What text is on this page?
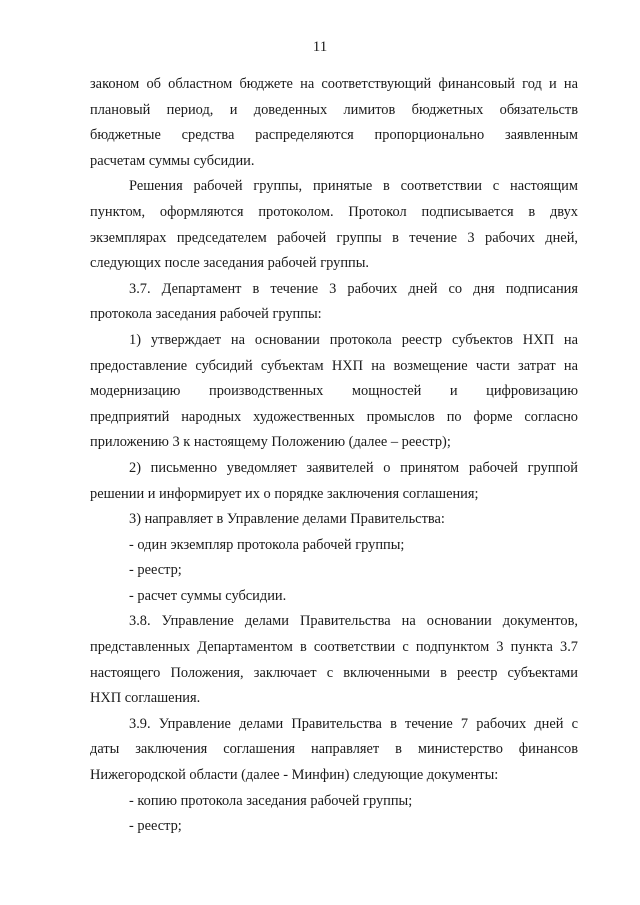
11
законом об областном бюджете на соответствующий финансовый год и на
плановый период, и доведенных лимитов бюджетных обязательств
бюджетные средства распределяются пропорционально заявленным
расчетам суммы субсидии.
Решения рабочей группы, принятые в соответствии с настоящим
пунктом, оформляются протоколом. Протокол подписывается в двух
экземплярах председателем рабочей группы в течение 3 рабочих дней,
следующих после заседания рабочей группы.
3.7. Департамент в течение 3 рабочих дней со дня подписания
протокола заседания рабочей группы:
1) утверждает на основании протокола реестр субъектов НХП на
предоставление субсидий субъектам НХП на возмещение части затрат на
модернизацию производственных мощностей и цифровизацию
предприятий народных художественных промыслов по форме согласно
приложению 3 к настоящему Положению (далее – реестр);
2) письменно уведомляет заявителей о принятом рабочей группой
решении и информирует их о порядке заключения соглашения;
3) направляет в Управление делами Правительства:
- один экземпляр протокола рабочей группы;
- реестр;
- расчет суммы субсидии.
3.8. Управление делами Правительства на основании документов,
представленных Департаментом в соответствии с подпунктом 3 пункта 3.7
настоящего Положения, заключает с включенными в реестр субъектами
НХП соглашения.
3.9. Управление делами Правительства в течение 7 рабочих дней с
даты заключения соглашения направляет в министерство финансов
Нижегородской области (далее - Минфин) следующие документы:
- копию протокола заседания рабочей группы;
- реестр;
